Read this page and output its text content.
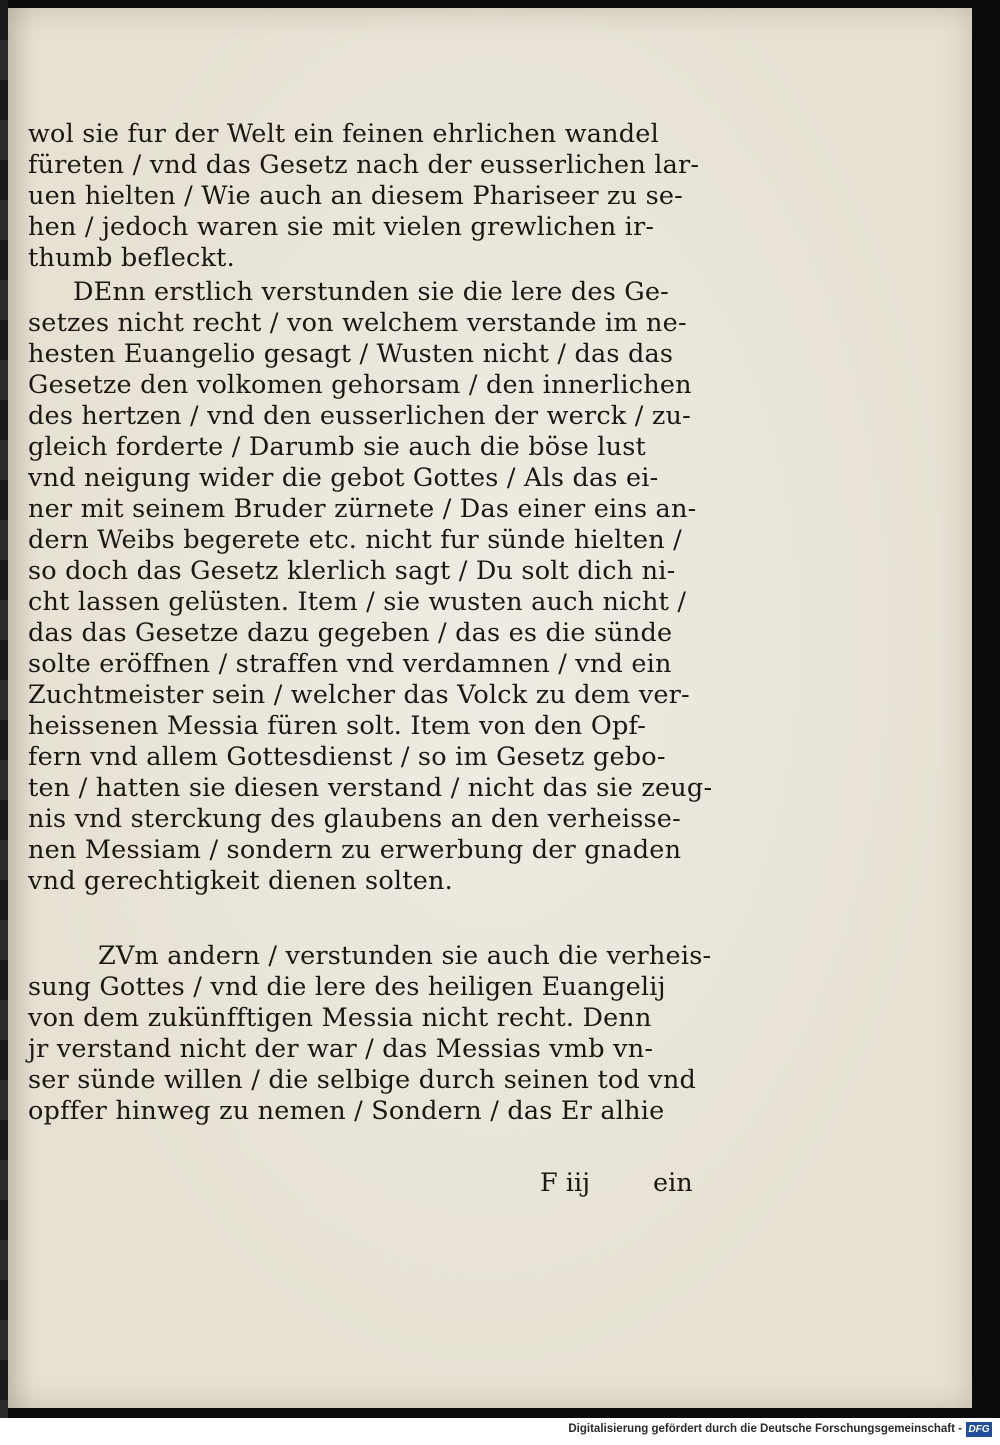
wol sie fur der Welt ein feinen ehrlichen wandel
füreten / vnd das Gesetz nach der eusserlichen lar-
uen hielten / Wie auch an diesem Phariseer zu se-
hen / jedoch waren sie mit vielen grewlichen ir-
thumb befleckt.
DEnn erstlich verstunden sie die lere des Ge-
setzes nicht recht / von welchem verstande im ne-
hesten Euangelio gesagt / Wusten nicht / das das
Gesetze den volkomen gehorsam / den innerlichen
des hertzen / vnd den eusserlichen der werck / zu-
gleich forderte / Darumb sie auch die böse lust
vnd neigung wider die gebot Gottes / Als das ei-
ner mit seinem Bruder zürnete / Das einer eins an-
dern Weibs begerete etc. nicht fur sünde hielten /
so doch das Gesetz klerlich sagt / Du solt dich ni-
cht lassen gelüsten. Item / sie wusten auch nicht /
das das Gesetze dazu gegeben / das es die sünde
solte eröffnen / straffen vnd verdamnen / vnd ein
Zuchtmeister sein / welcher das Volck zu dem ver-
heissenen Messia füren solt. Item von den Opf-
fern vnd allem Gottesdienst / so im Gesetz gebo-
ten / hatten sie diesen verstand / nicht das sie zeug-
nis vnd sterckung des glaubens an den verheisse-
nen Messiam / sondern zu erwerbung der gnaden
vnd gerechtigkeit dienen solten.
ZVm andern / verstunden sie auch die verheis-
sung Gottes / vnd die lere des heiligen Euangelij
von dem zukünfftigen Messia nicht recht. Denn
jr verstand nicht der war / das Messias vmb vn-
ser sünde willen / die selbige durch seinen tod vnd
opffer hinweg zu nemen / Sondern / das Er alhie
F iij ein
Digitalisierung gefördert durch die Deutsche Forschungsgemeinschaft - DFG
